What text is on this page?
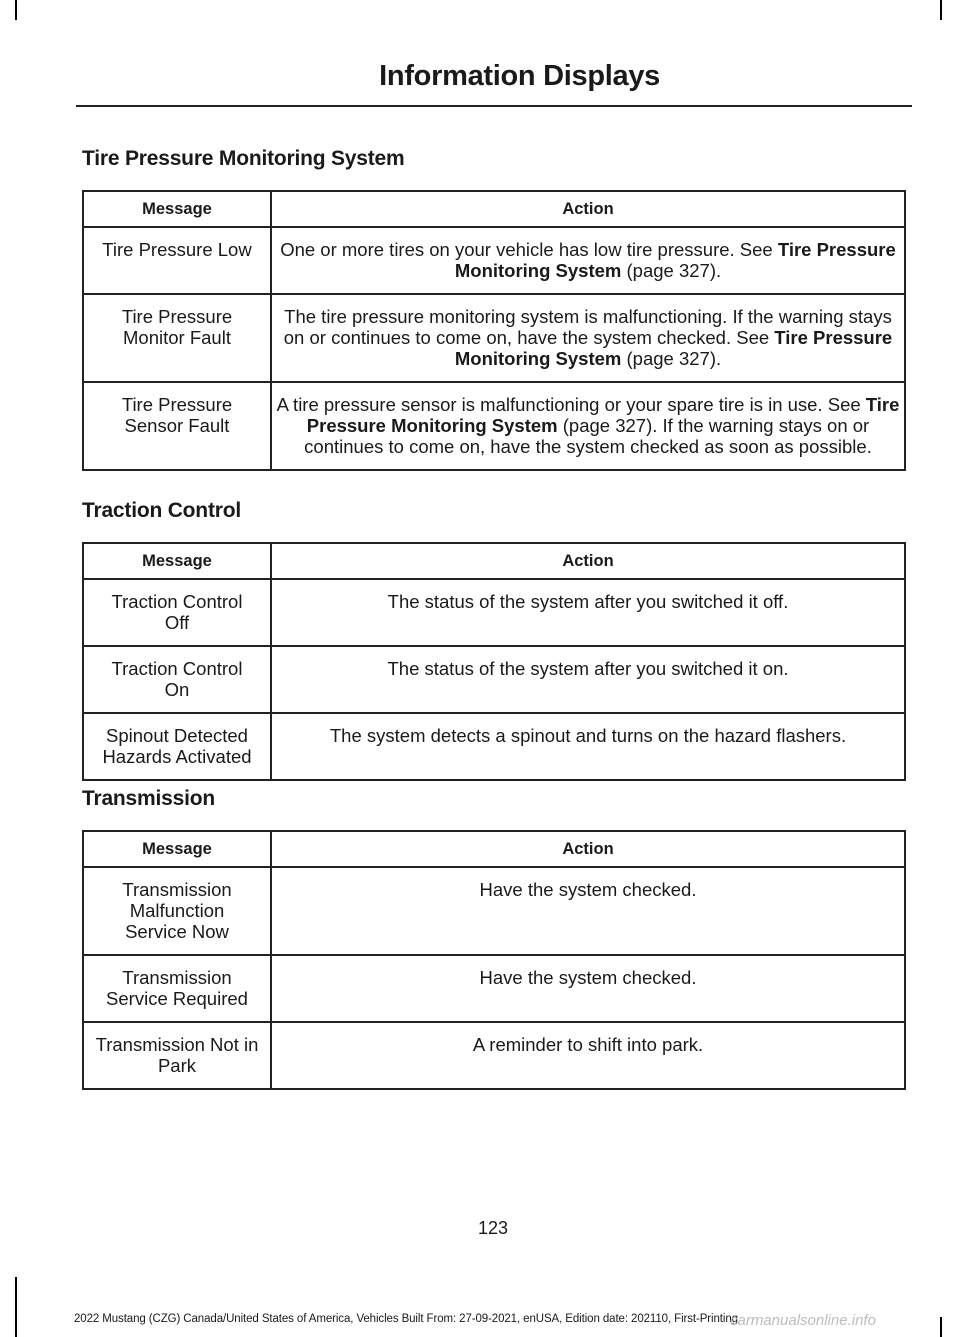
Information Displays
Tire Pressure Monitoring System
Message	Action
Tire Pressure Low	One or more tires on your vehicle has low tire pressure. See Tire Pressure Monitoring System (page 327).
Tire Pressure Monitor Fault	The tire pressure monitoring system is malfunctioning. If the warning stays on or continues to come on, have the system checked. See Tire Pressure Monitoring System (page 327).
Tire Pressure Sensor Fault	A tire pressure sensor is malfunctioning or your spare tire is in use. See Tire Pressure Monitoring System (page 327). If the warning stays on or continues to come on, have the system checked as soon as possible.
Traction Control
Message	Action
Traction Control Off	The status of the system after you switched it off.
Traction Control On	The status of the system after you switched it on.
Spinout Detected Hazards Activated	The system detects a spinout and turns on the hazard flashers.
Transmission
Message	Action
Transmission Malfunction Service Now	Have the system checked.
Transmission Service Required	Have the system checked.
Transmission Not in Park	A reminder to shift into park.
123
2022 Mustang (CZG) Canada/United States of America, Vehicles Built From: 27-09-2021, enUSA, Edition date: 202110, First-Printing
carmanualsonline.info
